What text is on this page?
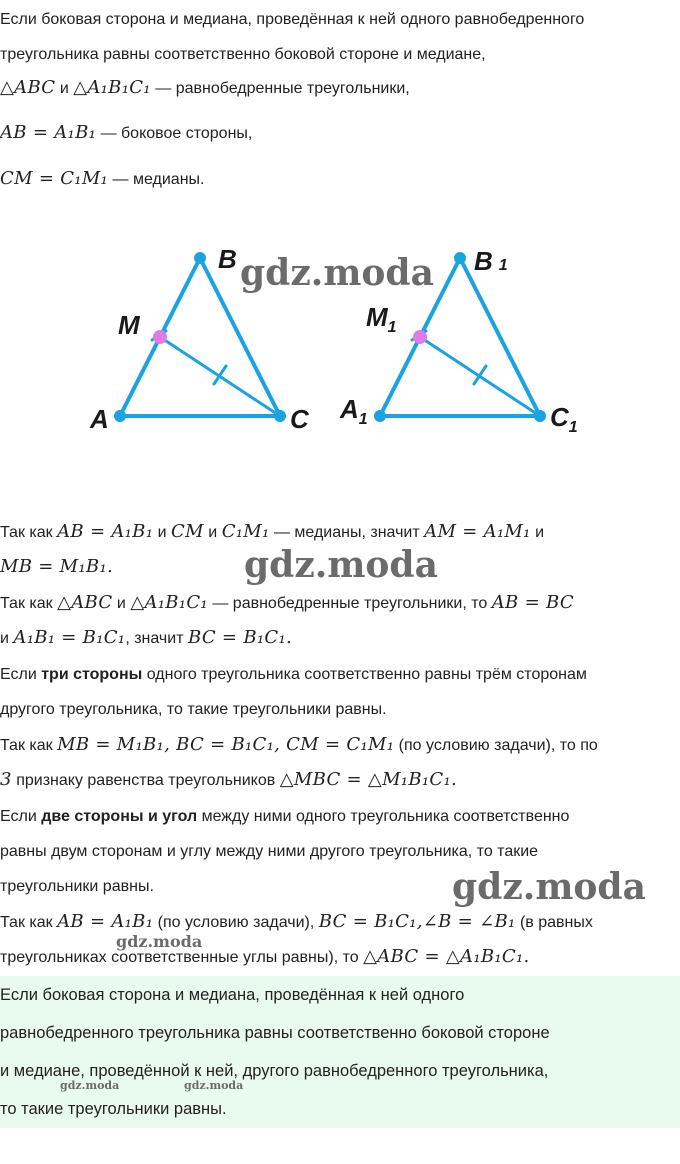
Если боковая сторона и медиана, проведённая к ней одного равнобедренного

треугольника равны соответственно боковой стороне и медиане,

△ABC и △A₁B₁C₁ — равнобедренные треугольники,

AB = A₁B₁ — боковое стороны,

CM = C₁M₁ — медианы.

A
B
C
M
$A_1$
B 1
$C_1$
$M_1$

Так как AB = A₁B₁ и CM и C₁M₁ — медианы, значит AM = A₁M₁ и

MB = M₁B₁.

Так как △ABC и △A₁B₁C₁ — равнобедренные треугольники, то AB = BC

и A₁B₁ = B₁C₁, значит BC = B₁C₁.

Если три стороны одного треугольника соответственно равны трём сторонам

другого треугольника, то такие треугольники равны.

Так как MB = M₁B₁, BC = B₁C₁, CM = C₁M₁ (по условию задачи), то по

3 признаку равенства треугольников △MBC = △M₁B₁C₁.

Если две стороны и угол между ними одного треугольника соответственно

равны двум сторонам и углу между ними другого треугольника, то такие

треугольники равны.

Так как AB = A₁B₁ (по условию задачи), BC = B₁C₁,∠B = ∠B₁ (в равных

треугольниках соответственные углы равны), то △ABC = △A₁B₁C₁.

Если боковая сторона и медиана, проведённая к ней одного

равнобедренного треугольника равны соответственно боковой стороне

и медиане, проведённой к ней, другого равнобедренного треугольника,

то такие треугольники равны.

gdz.moda
gdz.moda
gdz.moda
gdz.moda
gdz.moda	gdz.moda
